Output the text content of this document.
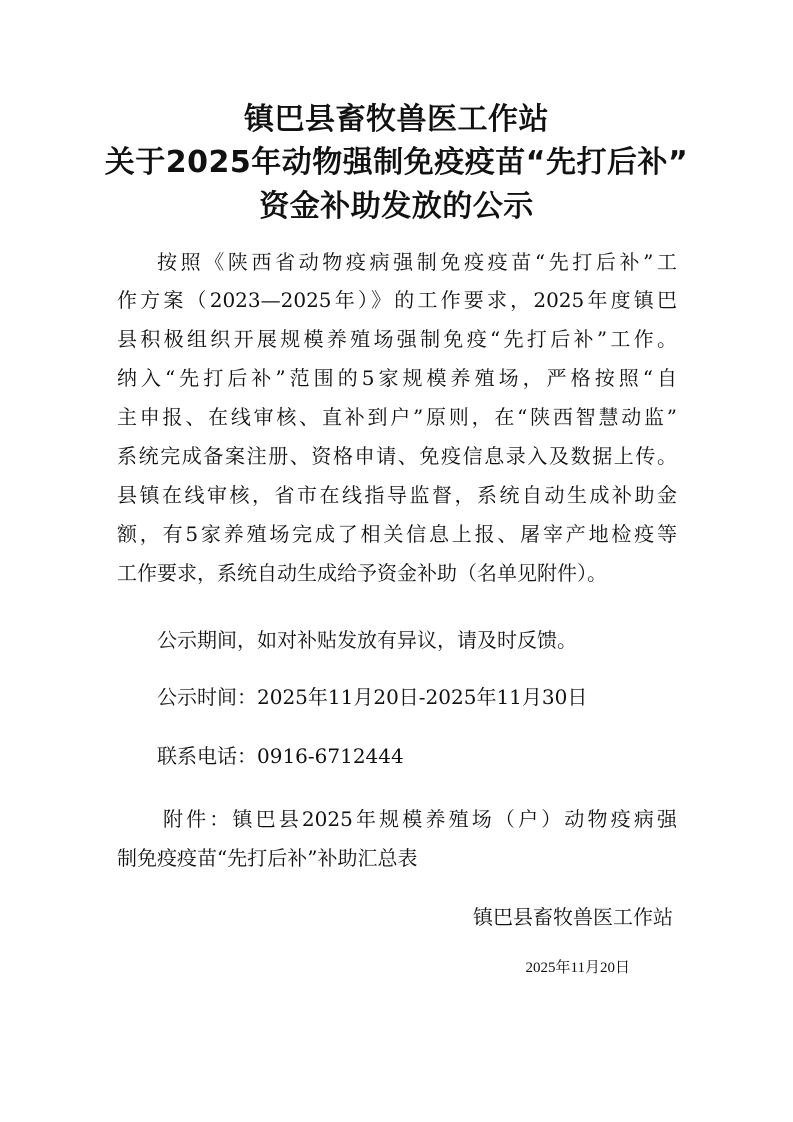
镇巴县畜牧兽医工作站
关于2025年动物强制免疫疫苗“先打后补”
资金补助发放的公示
按照《陕西省动物疫病强制免疫疫苗“先打后补”工
作方案（2023—2025年）》的工作要求，2025年度镇巴
县积极组织开展规模养殖场强制免疫“先打后补”工作。
纳入“先打后补”范围的5家规模养殖场，严格按照“自
主申报、在线审核、直补到户”原则，在“陕西智慧动监”
系统完成备案注册、资格申请、免疫信息录入及数据上传。
县镇在线审核，省市在线指导监督，系统自动生成补助金
额，有5家养殖场完成了相关信息上报、屠宰产地检疫等
工作要求，系统自动生成给予资金补助（名单见附件）。
公示期间，如对补贴发放有异议，请及时反馈。
公示时间：2025年11月20日-2025年11月30日
联系电话：0916-6712444
附件：镇巴县2025年规模养殖场（户）动物疫病强
制免疫疫苗“先打后补”补助汇总表
镇巴县畜牧兽医工作站
2025年11月20日
